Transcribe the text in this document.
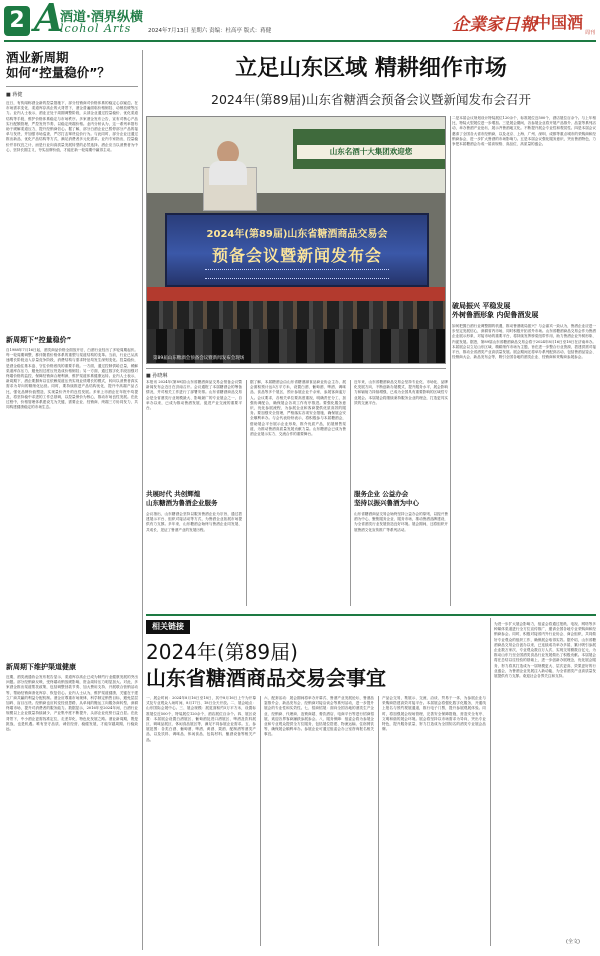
2 A
酒道·酒界纵横
lcohol Arts	2024年7月13日 星期六 责编：杜高亭 版式：蒋健	企業家日報
中国酒
周刊
酒业新周期
如何“控量稳价”？
■ 蒋健
近日，有传闻称酒企新的控量措施下，部分经销商对价格体系的稳定心存疑虑。在市场需求变化、渠道库存高企的大背景下，酒企普遍面临价格倒挂、动销放缓等压力。业内人士表示，酒业正处于周期调整阶段，头部企业通过控量稳价、优化渠道结构等手段，维护价格体系稳定与市场秩序。多家酒企发布公告，宣布对核心产品实行配额管理，严控发货节奏，以稳定终端价格。业内分析认为，这一系列举措有助于缓解渠道压力，提升经销商信心。据了解，部分白酒企业已暂停部分产品的接单与发货，并加强市场巡查，严厉打击窜货乱价行为。与此同时，部分企业还通过推出新品、优化产品结构等方式，满足消费者多元化需求。业内专家指出，控量稳价并非权宜之计，而是行业向高质量发展转型的必然选择。酒企应当以消费者为中心，坚持长期主义，夯实品牌价值，才能在新一轮周期中赢得主动。
新周期下“控量稳价”
自1988年7月16日起，酒类商品价格全面放开后，白酒行业经历了多轮周期起伏。每一轮周期调整，都伴随着价格体系的重塑与渠道结构的变革。当前，行业已从高速增长阶段迈入存量竞争阶段，消费结构与需求特征均发生深刻变化。控量稳价，是酒企稳住基本盘、守住价格底线的重要手段。一方面，通过控制供给总量，缓解渠道库存压力，避免因过度压货造成价格倒挂；另一方面，通过数字化手段加强对终端价格的监控，保障经销商合理利润，维护渠道体系健康运转。业内人士表示，新周期下，酒企要摒弃以往依赖渠道压货实现业绩增长的模式，转向以消费者真实需求为导向的精细化运营。同时，要持续推进产品结构优化，提升中高端产品占比，强化品牌价值塑造，实现量价齐升的良性发展。多家上市酒企在年报中均提及，将坚持稳中求进的工作总基调，以控量保价为核心，推动市场良性发展。在此过程中，价格管理体系建设尤为关键，需要企业、经销商、终端三方协同发力，共同构建健康稳定的市场生态。
新周期下维护渠道健康
近期，酒类流通协会发布报告显示，渠道库存高企已成为制约行业健康发展的突出问题。部分经销商反映，受终端动销放缓影响，资金周转压力明显加大。对此，多家酒企推出渠道帮扶政策，包括调整回款节奏、加大费用支持、开展联合营销活动等，帮助经销商消化库存、恢复信心。业内人士认为，维护渠道健康，关键在于建立厂商共赢的利益分配机制。酒企应尊重市场规律，科学制定销售目标，避免层层加码、盲目压货。经销商也应转变经营思路，从单纯的搬运工向服务商转型，深耕终端市场，提升对消费者的服务能力。数据显示，2016年至2024年间，白酒行业规模以上企业数量持续减少，产业集中度不断提升，头部企业优势日益凸显。在此背景下，中小酒企更需找准定位，走差异化、特色化发展之路。酒业新周期，既是挑战，也是机遇。唯有坚守品质、诚信经营、稳健发展，才能穿越周期，行稳致远。
立足山东区域 精耕细作市场
2024年(第89届)山东省糖酒会预备会议暨新闻发布会召开
山东名酒十大集团欢迎您
2024年(第89届)山东省糖酒商品交易会
预备会议暨新闻发布会
第89届山东糖酒会预备会议暨新闻发布会现场
二是本届会议规划设计特装展位120余个，标准展位近500个，酒店展位百余个。与上年相比，特装大型展位进一步增加。三是展会期间，各参展企业将开展产品推介、品鉴等系列活动，举办鲁酒产业论坛，展示齐鲁酒地文化。不断提升展会专业性和观赏性。四是本届会议邀请了全国各大省市经销商，以及北京、上海、广州、深圳、成都等重点城市的采购商和经销商参会，进一步扩大鲁酒的市场影响力。五是本届会议强化服务意识，突出鲁酒特色，力争把本届糖酒会办成一届高规格、高品位、高质量的盛会。
破局振兴 平稳发展
外树鲁酒形象 内促鲁酒发展
如何把握白酒行业调整期的机遇，推动鲁酒破局振兴？与会嘉宾一致认为，鲁酒企业应进一步坚定发展信心，深耕省内市场，同时积极开拓省外市场。山东省糖酒商品交易会作为鲁酒企业展示形象、对接市场的重要平台，将持续发挥桥梁纽带作用，助力鲁酒企业外树形象、内促发展。据悉，第89届山东省糖酒商品交易会将于2024年8月16日至18日在济南举办。本届展会以立足山东区域、精耕细作市场为主题，旨在进一步整合行业资源，搭建供需对接平台，推动全省酒类产业高质量发展。展会期间还将举办系列配套活动，包括鲁酒品鉴会、经销商大会、新品发布会等，吸引全国各地的酒类企业、经销商和采购商参展参会。
■ 孙晓琳
本报讯 2024年(第89届)山东省糖酒商品交易会预备会议暨新闻发布会近日在济南召开。会议通报了本届糖酒会的筹备情况，并对相关工作进行了部署安排。山东省糖酒商品交易会是全省酒类行业规模最大、影响最广的专业展会之一，自举办以来，已成为推动鲁酒发展、促进产业交流的重要平台。
共展时代 共创辉煌
山东糖酒为鲁酒企业服务
会议指出，山东糖酒会坚持以服务鲁酒企业为宗旨，通过搭建展示平台、组织对接活动等方式，为鲁酒企业拓展市场提供有力支撑。多年来，山东糖酒会始终与鲁酒企业同发展、共成长，见证了鲁酒产业的发展历程。
据了解，本届糖酒会由山东省糖酒副食品商业协会主办，展会面积预计达5万平方米，设置白酒、葡萄酒、啤酒、调味品、食品等多个展区，预计参展企业千余家，参展客商逾万人。会议要求，各相关单位要高度重视，明确责任分工，加强协调配合，确保展会各项工作有序推进。要强化服务意识，优化参展流程，为参展企业和客商提供优质高效的服务。要加强安全管理，严格落实各项安全措施，确保展会安全顺利举办。与会代表纷纷表示，将积极参与本届糖酒会，借助展会平台展示企业形象，推介优质产品，拓展销售渠道，为推动鲁酒高质量发展贡献力量。山东糖酒会已成为鲁酒企业展示实力、交流合作的重要舞台。
近年来，山东省糖酒商品交易会坚持专业化、市场化、品牌化发展方向，不断创新办展模式，提升服务水平，展会影响力和辐射力持续增强，已成为全国具有重要影响的区域性专业展会。本届展会将继续秉持服务企业的理念，打造更具实效的交流平台。
服务企业 公益办会
坚持以振兴鲁酒为中心
山东省糖酒商品交易会始终坚持公益办会的原则，以振兴鲁酒为中心，聚焦服务企业、服务市场，推动鲁酒品牌建设，为全省酒类行业发展营造良好环境。展会期间，还将组织开展鲁酒文化宣传推广等系列活动。
相关链接
2024年(第89届)
山东省糖酒商品交易会事宜
一、展会时间：2024年8月16日至18日，其中8月16日上午为开幕式及专业观众入场时间，8月17日、18日全天开放。二、展会地点：山东国际会展中心。三、展会规模：展览面积约5万平方米，设置标准展位近500个，特装展位120余个，酒店展位百余个。四、展区设置：本届展会设置白酒展区、葡萄酒及进口酒展区、啤酒及饮料展区、调味品展区、休闲食品展区等，满足不同参展企业需求。五、参展范围：各类白酒、葡萄酒、啤酒、黄酒、果酒、配制酒等酒类产品，以及饮料、调味品、休闲食品、包装材料、酿酒设备等相关产品。
六、配套活动：展会期间将举办开幕式、鲁酒产业发展论坛、鲁酒品鉴推介会、新品发布会、经销商对接洽谈会等系列活动，进一步提升展会的专业性和实效性。七、招商招展：面向全国各地的酒类生产企业、经销商、代理商、连锁商超、餐饮酒店、电商平台等进行招商招展，欢迎各界客商踊跃参展参会。八、服务保障：组委会将为参展企业和专业观众提供全方位服务，包括展位搭建、物流运输、住宿餐饮等，确保展会顺利举办。参展企业可通过组委会办公室咨询报名相关事宜。
产品会交易，集展示、交流、洽谈、贸易于一体，为参展企业与采购商搭建高效对接平台。本届展会将强化数字化服务，开通线上报名与预约观展通道，推行电子门票，提升参展观展体验。同时，将加强展会现场管理，完善安全保障措施，营造安全有序、文明和谐的展会环境。展会将坚持以市场需求为导向，突出专业特色，提升服务质量，努力打造成为全国知名的酒类专业展会品牌。
为进一步扩大展会影响力，组委会将通过报纸、电视、网络等多种媒体渠道进行全方位宣传推广，邀请全国各地专业采购商和经销商参会。同时，积极对接省内外行业协会、商会组织，共同做好专业观众的组织工作，确保展会取得实效。据介绍，山东省糖酒商品交易会自创办以来，已连续成功举办多届，累计吸引参展企业数万家次，专业观众数百万人次，实现交易额数百亿元，为推动山东乃至全国酒类食品行业发展做出了积极贡献。本届展会将在总结以往经验的基础上，进一步创新办展理念，优化展会服务，努力将其打造成为一届规模更大、层次更高、效果更好的行业盛会，为鲁酒企业发展注入新动能，为全省酒类产业高质量发展提供有力支撑。欢迎社会各界关注和支持。
(全文)
